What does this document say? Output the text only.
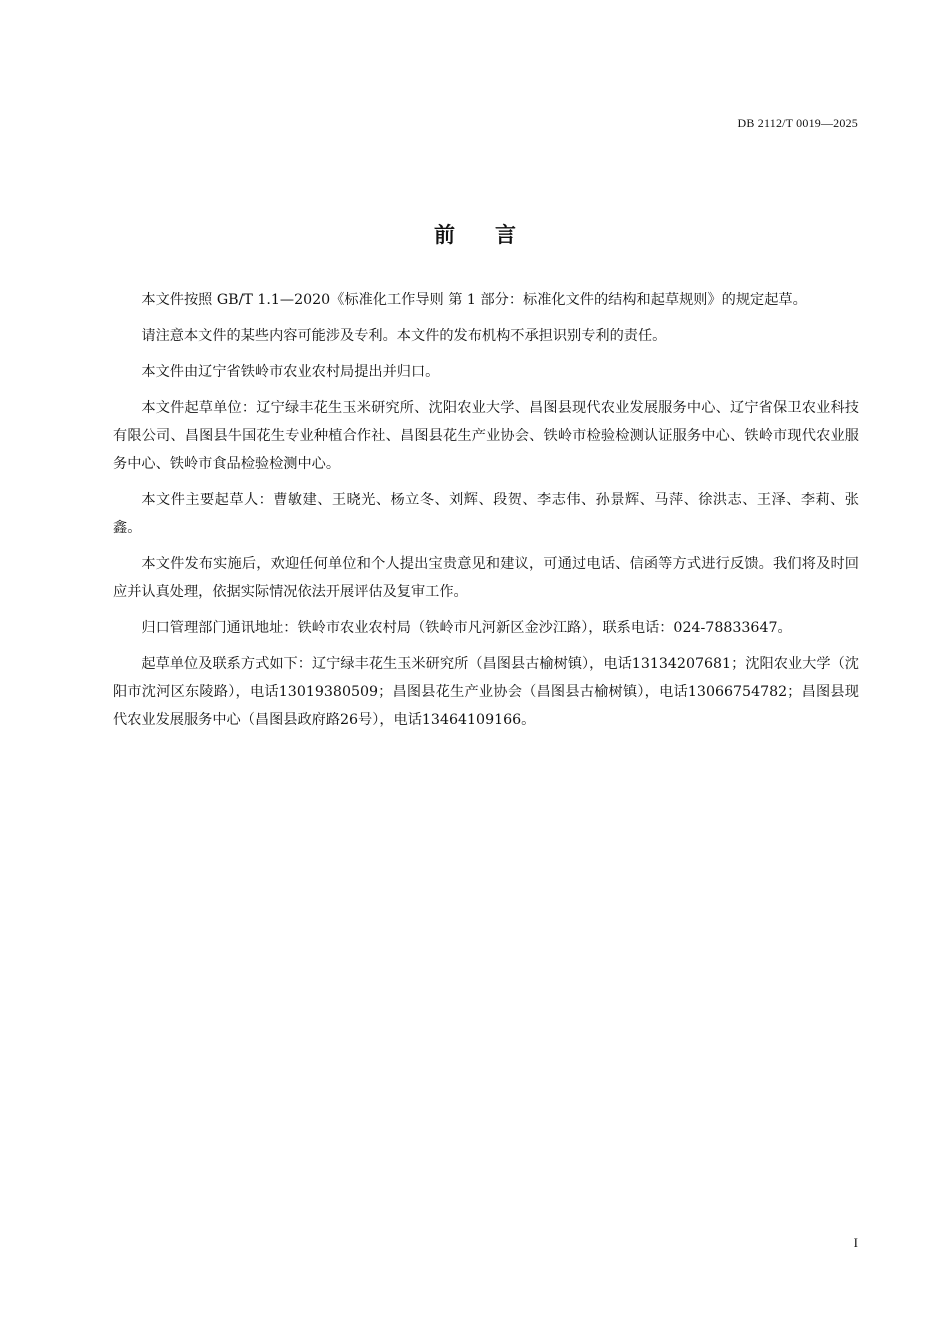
DB 2112/T 0019—2025
前言

本文件按照 GB/T 1.1—2020《标准化工作导则 第 1 部分：标准化文件的结构和起草规则》的规定起草。

请注意本文件的某些内容可能涉及专利。本文件的发布机构不承担识别专利的责任。

本文件由辽宁省铁岭市农业农村局提出并归口。

本文件起草单位：辽宁绿丰花生玉米研究所、沈阳农业大学、昌图县现代农业发展服务中心、辽宁省保卫农业科技有限公司、昌图县牛国花生专业种植合作社、昌图县花生产业协会、铁岭市检验检测认证服务中心、铁岭市现代农业服务中心、铁岭市食品检验检测中心。

本文件主要起草人：曹敏建、王晓光、杨立冬、刘辉、段贺、李志伟、孙景辉、马萍、徐洪志、王泽、李莉、张鑫。

本文件发布实施后，欢迎任何单位和个人提出宝贵意见和建议，可通过电话、信函等方式进行反馈。我们将及时回应并认真处理，依据实际情况依法开展评估及复审工作。

归口管理部门通讯地址：铁岭市农业农村局（铁岭市凡河新区金沙江路），联系电话：024-78833647。

起草单位及联系方式如下：辽宁绿丰花生玉米研究所（昌图县古榆树镇），电话13134207681；沈阳农业大学（沈阳市沈河区东陵路），电话13019380509；昌图县花生产业协会（昌图县古榆树镇），电话13066754782；昌图县现代农业发展服务中心（昌图县政府路26号），电话13464109166。

I
